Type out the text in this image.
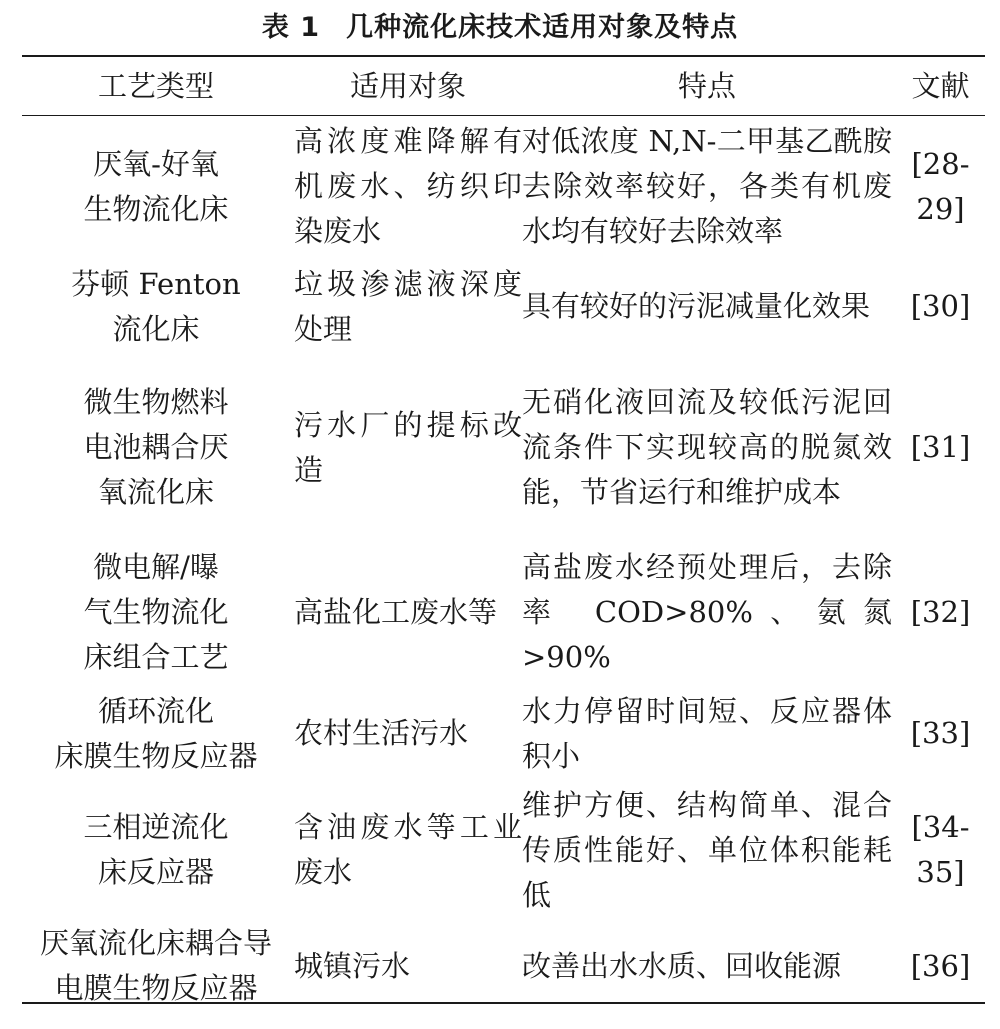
表 1 几种流化床技术适用对象及特点
工艺类型	适用对象	特点	文献

厌氧-好氧
生物流化床	高浓度难降解有机废水、纺织印染废水	对低浓度 N,N-二甲基乙酰胺去除效率较好，各类有机废水均有较好去除效率	[28-29]

芬顿 Fenton
流化床	垃圾渗滤液深度处理	具有较好的污泥减量化效果	[30]

微生物燃料
电池耦合厌
氧流化床	污水厂的提标改造	无硝化液回流及较低污泥回流条件下实现较高的脱氮效能，节省运行和维护成本	[31]

微电解/曝
气生物流化
床组合工艺	高盐化工废水等	高盐废水经预处理后，去除率 COD>80%、氨氮>90%	[32]

循环流化
床膜生物反应器	农村生活污水	水力停留时间短、反应器体积小	[33]

三相逆流化
床反应器	含油废水等工业废水	维护方便、结构简单、混合传质性能好、单位体积能耗低	[34-35]

厌氧流化床耦合导
电膜生物反应器	城镇污水	改善出水水质、回收能源	[36]
